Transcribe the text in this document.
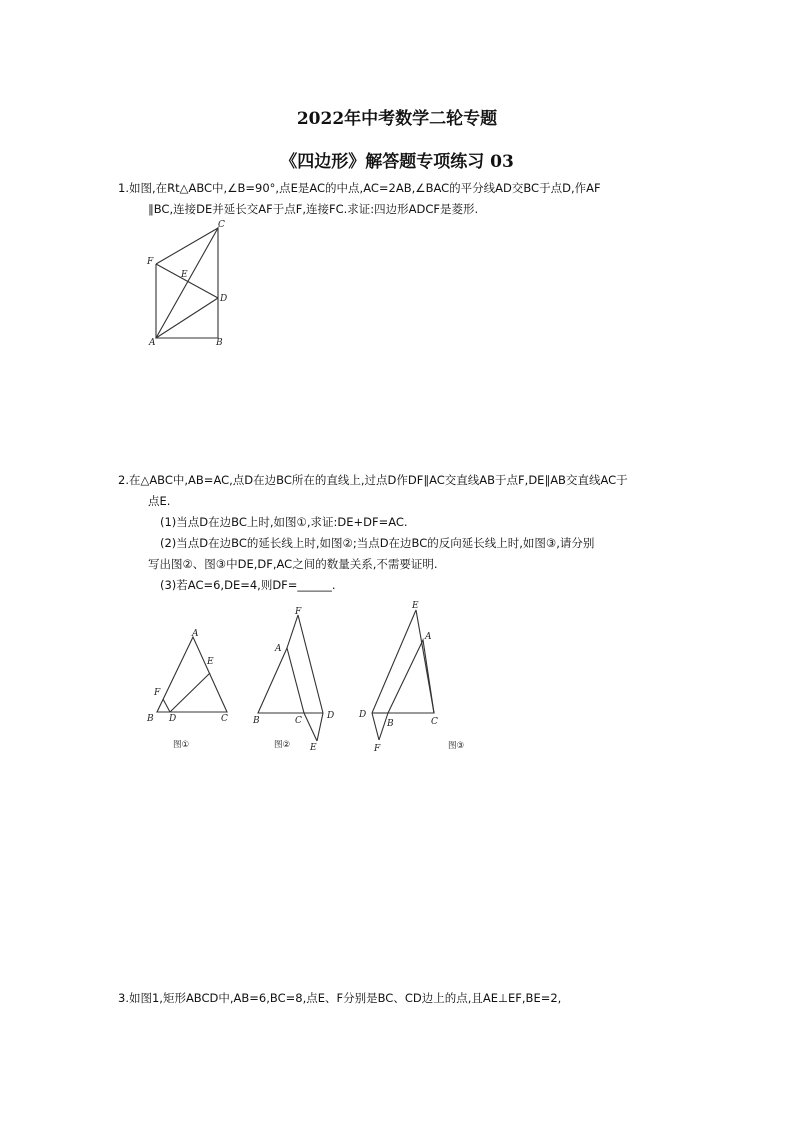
2022年中考数学二轮专题
《四边形》解答题专项练习 03
1.如图,在Rt△ABC中,∠B=90°,点E是AC的中点,AC=2AB,∠BAC的平分线AD交BC于点D,作AF
∥BC,连接DE并延长交AF于点F,连接FC.求证:四边形ADCF是菱形.
C
F
E
D
A	B
2.在△ABC中,AB=AC,点D在边BC所在的直线上,过点D作DF∥AC交直线AB于点F,DE∥AB交直线AC于
点E.
(1)当点D在边BC上时,如图①,求证:DE+DF=AC.
(2)当点D在边BC的延长线上时,如图②;当点D在边BC的反向延长线上时,如图③,请分别
写出图②、图③中DE,DF,AC之间的数量关系,不需要证明.
(3)若AC=6,DE=4,则DF=______.
A
E
F
B D	C
图①
F
A
B	C	D
E
图②
E
A
D
B	C
F	图③
3.如图1,矩形ABCD中,AB=6,BC=8,点E、F分别是BC、CD边上的点,且AE⊥EF,BE=2,
